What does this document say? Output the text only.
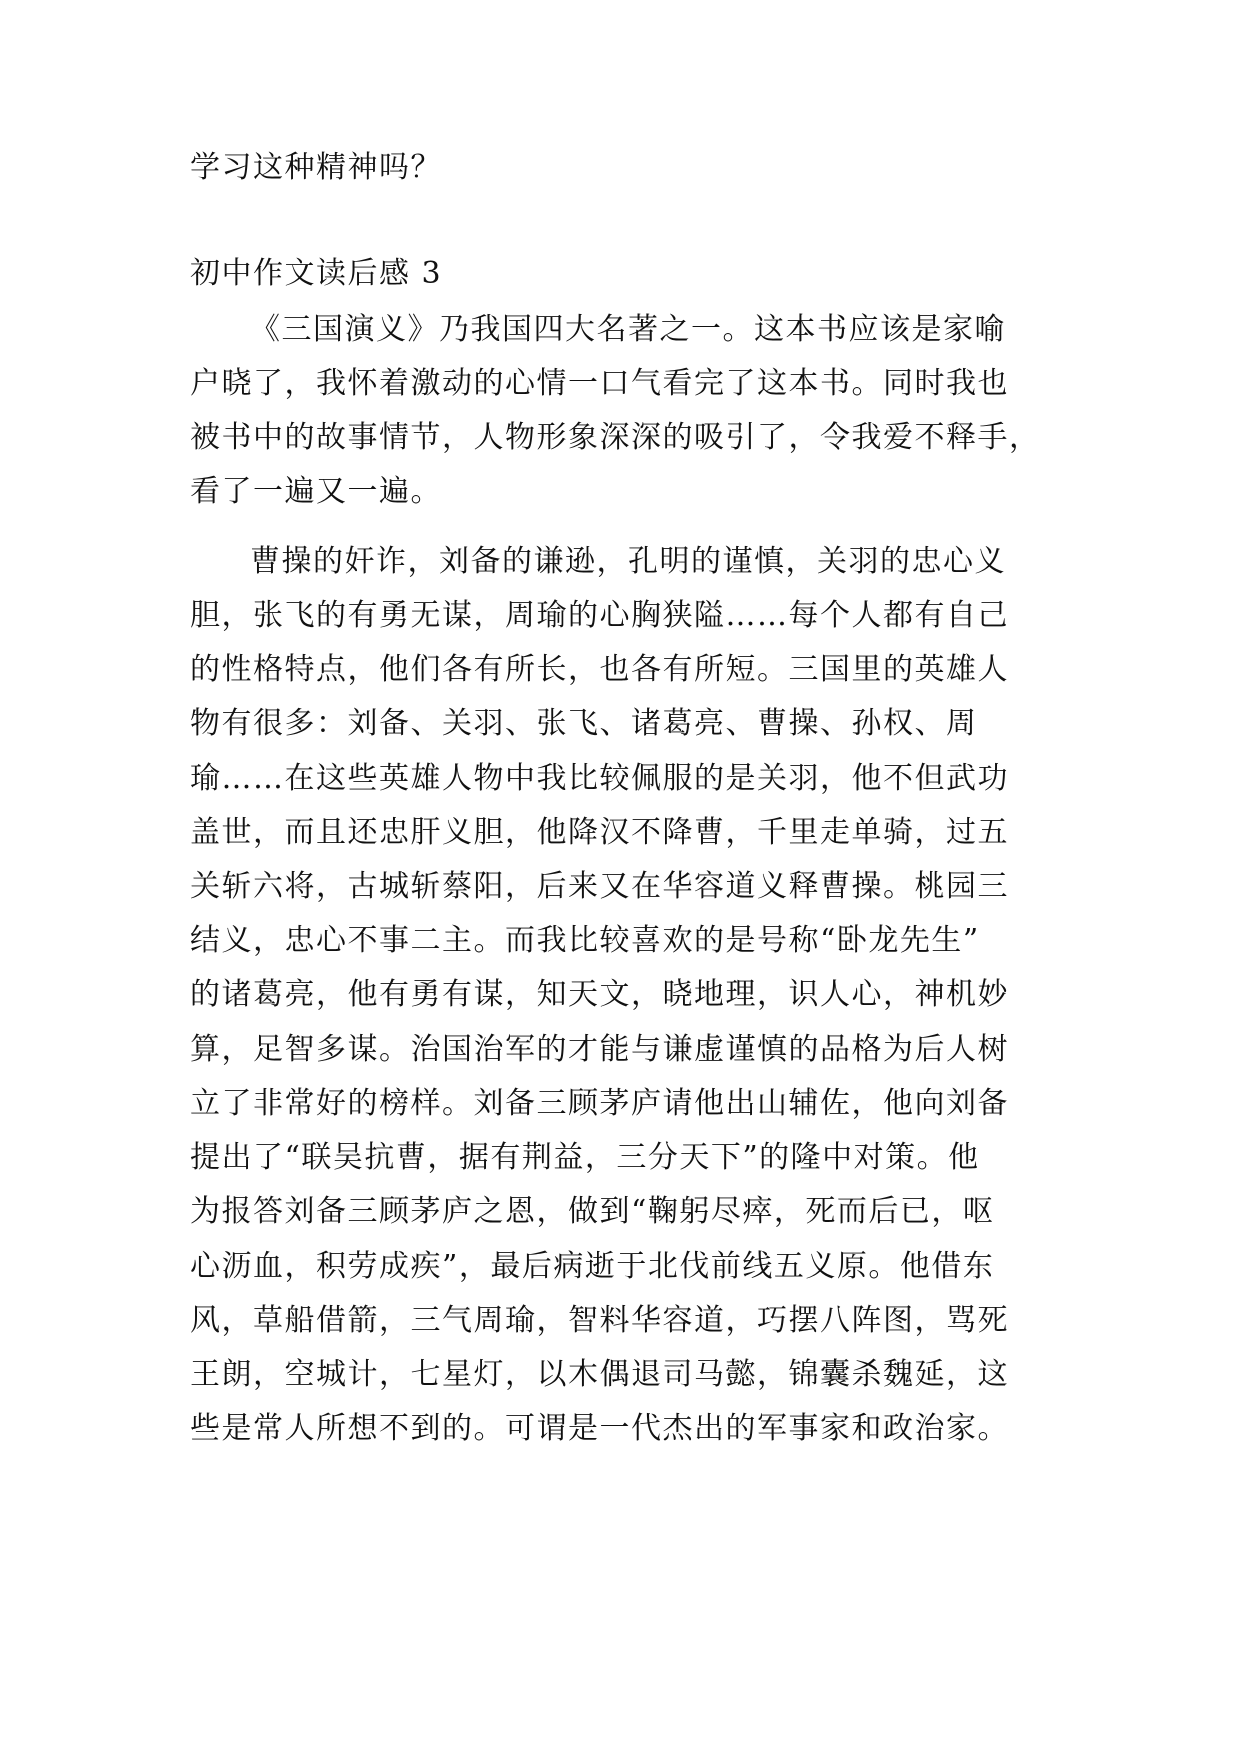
学习这种精神吗？
初中作文读后感 3
《三国演义》乃我国四大名著之一。这本书应该是家喻
户晓了，我怀着激动的心情一口气看完了这本书。同时我也
被书中的故事情节，人物形象深深的吸引了，令我爱不释手，
看了一遍又一遍。
曹操的奸诈，刘备的谦逊，孔明的谨慎，关羽的忠心义
胆，张飞的有勇无谋，周瑜的心胸狭隘……每个人都有自己
的性格特点，他们各有所长，也各有所短。三国里的英雄人
物有很多：刘备、关羽、张飞、诸葛亮、曹操、孙权、周
瑜……在这些英雄人物中我比较佩服的是关羽，他不但武功
盖世，而且还忠肝义胆，他降汉不降曹，千里走单骑，过五
关斩六将，古城斩蔡阳，后来又在华容道义释曹操。桃园三
结义，忠心不事二主。而我比较喜欢的是号称“卧龙先生”
的诸葛亮，他有勇有谋，知天文，晓地理，识人心，神机妙
算，足智多谋。治国治军的才能与谦虚谨慎的品格为后人树
立了非常好的榜样。刘备三顾茅庐请他出山辅佐，他向刘备
提出了“联吴抗曹，据有荆益，三分天下”的隆中对策。他
为报答刘备三顾茅庐之恩，做到“鞠躬尽瘁，死而后已，呕
心沥血，积劳成疾”，最后病逝于北伐前线五义原。他借东
风，草船借箭，三气周瑜，智料华容道，巧摆八阵图，骂死
王朗，空城计，七星灯，以木偶退司马懿，锦囊杀魏延，这
些是常人所想不到的。可谓是一代杰出的军事家和政治家。
